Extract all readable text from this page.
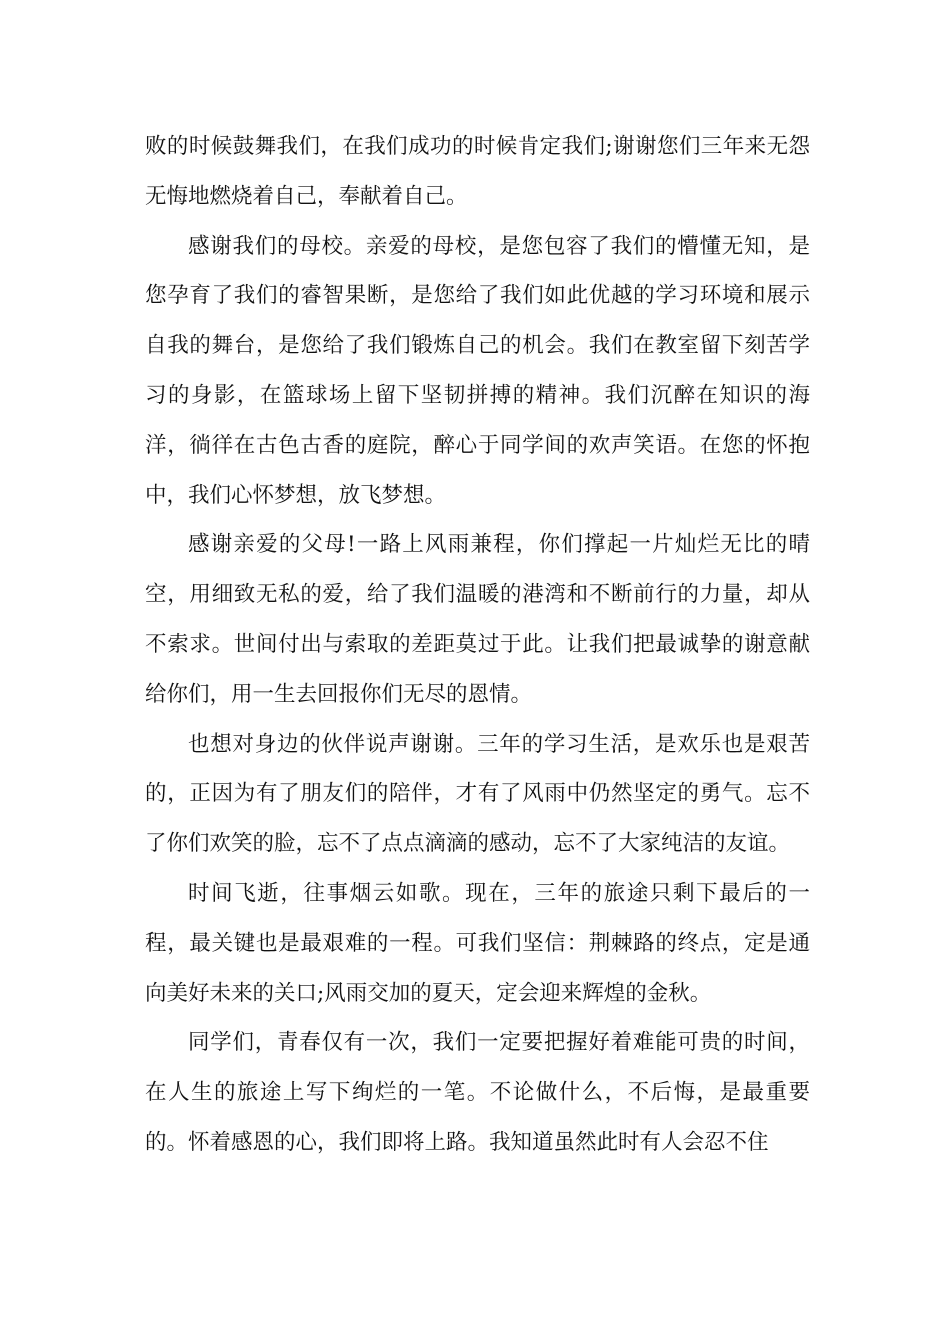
败的时候鼓舞我们，在我们成功的时候肯定我们;谢谢您们三年来无怨无悔地燃烧着自己，奉献着自己。

感谢我们的母校。亲爱的母校，是您包容了我们的懵懂无知，是您孕育了我们的睿智果断，是您给了我们如此优越的学习环境和展示自我的舞台，是您给了我们锻炼自己的机会。我们在教室留下刻苦学习的身影，在篮球场上留下坚韧拼搏的精神。我们沉醉在知识的海洋，徜徉在古色古香的庭院，醉心于同学间的欢声笑语。在您的怀抱中，我们心怀梦想，放飞梦想。

感谢亲爱的父母!一路上风雨兼程，你们撑起一片灿烂无比的晴空，用细致无私的爱，给了我们温暖的港湾和不断前行的力量，却从不索求。世间付出与索取的差距莫过于此。让我们把最诚挚的谢意献给你们，用一生去回报你们无尽的恩情。

也想对身边的伙伴说声谢谢。三年的学习生活，是欢乐也是艰苦的，正因为有了朋友们的陪伴，才有了风雨中仍然坚定的勇气。忘不了你们欢笑的脸，忘不了点点滴滴的感动，忘不了大家纯洁的友谊。

时间飞逝，往事烟云如歌。现在，三年的旅途只剩下最后的一程，最关键也是最艰难的一程。可我们坚信：荆棘路的终点，定是通向美好未来的关口;风雨交加的夏天，定会迎来辉煌的金秋。

同学们，青春仅有一次，我们一定要把握好着难能可贵的时间，在人生的旅途上写下绚烂的一笔。不论做什么，不后悔，是最重要的。怀着感恩的心，我们即将上路。我知道虽然此时有人会忍不住
